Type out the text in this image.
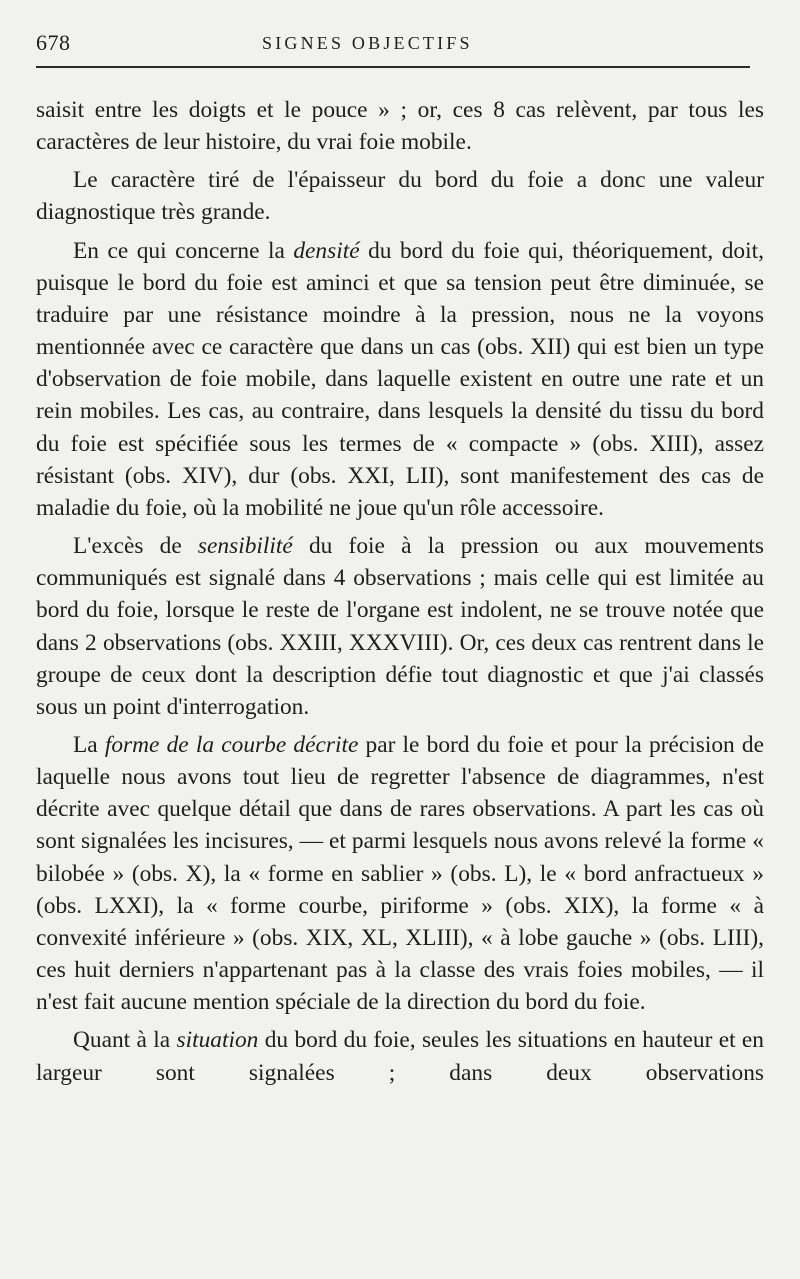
678	SIGNES OBJECTIFS

saisit entre les doigts et le pouce » ; or, ces 8 cas relèvent, par tous les caractères de leur histoire, du vrai foie mobile.

Le caractère tiré de l'épaisseur du bord du foie a donc une valeur diagnostique très grande.

En ce qui concerne la densité du bord du foie qui, théoriquement, doit, puisque le bord du foie est aminci et que sa tension peut être diminuée, se traduire par une résistance moindre à la pression, nous ne la voyons mentionnée avec ce caractère que dans un cas (obs. XII) qui est bien un type d'observation de foie mobile, dans laquelle existent en outre une rate et un rein mobiles. Les cas, au contraire, dans lesquels la densité du tissu du bord du foie est spécifiée sous les termes de « compacte » (obs. XIII), assez résistant (obs. XIV), dur (obs. XXI, LII), sont manifestement des cas de maladie du foie, où la mobilité ne joue qu'un rôle accessoire.

L'excès de sensibilité du foie à la pression ou aux mouvements communiqués est signalé dans 4 observations ; mais celle qui est limitée au bord du foie, lorsque le reste de l'organe est indolent, ne se trouve notée que dans 2 observations (obs. XXIII, XXXVIII). Or, ces deux cas rentrent dans le groupe de ceux dont la description défie tout diagnostic et que j'ai classés sous un point d'interrogation.

La forme de la courbe décrite par le bord du foie et pour la précision de laquelle nous avons tout lieu de regretter l'absence de diagrammes, n'est décrite avec quelque détail que dans de rares observations. A part les cas où sont signalées les incisures, — et parmi lesquels nous avons relevé la forme « bilobée » (obs. X), la « forme en sablier » (obs. L), le « bord anfractueux » (obs. LXXI), la « forme courbe, piriforme » (obs. XIX), la forme « à convexité inférieure » (obs. XIX, XL, XLIII), « à lobe gauche » (obs. LIII), ces huit derniers n'appartenant pas à la classe des vrais foies mobiles, — il n'est fait aucune mention spéciale de la direction du bord du foie.

Quant à la situation du bord du foie, seules les situations en hauteur et en largeur sont signalées ; dans deux observations
